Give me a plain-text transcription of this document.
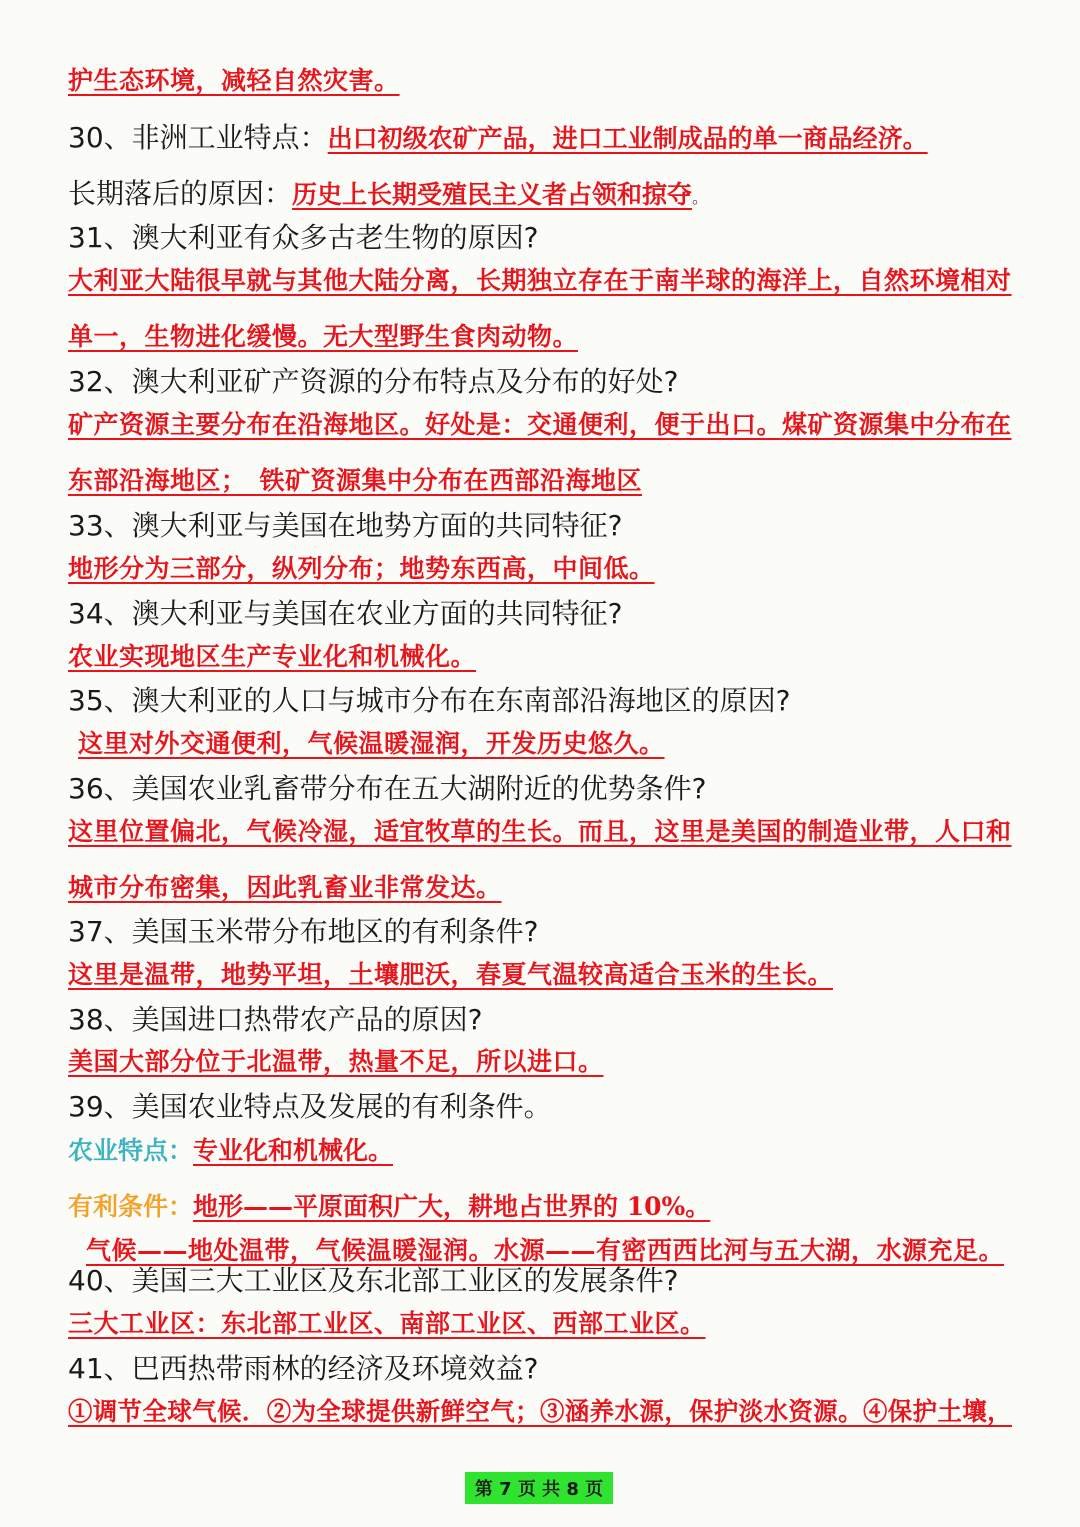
护生态环境，减轻自然灾害。
30、非洲工业特点：出口初级农矿产品，进口工业制成品的单一商品经济。
长期落后的原因：历史上长期受殖民主义者占领和掠夺。
31、澳大利亚有众多古老生物的原因?
大利亚大陆很早就与其他大陆分离，长期独立存在于南半球的海洋上，自然环境相对
单一，生物进化缓慢。无大型野生食肉动物。
32、澳大利亚矿产资源的分布特点及分布的好处?
矿产资源主要分布在沿海地区。好处是：交通便利，便于出口。煤矿资源集中分布在
东部沿海地区；　铁矿资源集中分布在西部沿海地区
33、澳大利亚与美国在地势方面的共同特征?
地形分为三部分，纵列分布；地势东西高，中间低。
34、澳大利亚与美国在农业方面的共同特征?
农业实现地区生产专业化和机械化。
35、澳大利亚的人口与城市分布在东南部沿海地区的原因?
这里对外交通便利，气候温暖湿润，开发历史悠久。
36、美国农业乳畜带分布在五大湖附近的优势条件?
这里位置偏北，气候冷湿，适宜牧草的生长。而且，这里是美国的制造业带，人口和
城市分布密集，因此乳畜业非常发达。
37、美国玉米带分布地区的有利条件?
这里是温带，地势平坦，土壤肥沃，春夏气温较高适合玉米的生长。
38、美国进口热带农产品的原因?
美国大部分位于北温带，热量不足，所以进口。
39、美国农业特点及发展的有利条件。
农业特点：专业化和机械化。
有利条件：地形——平原面积广大，耕地占世界的 10%。
气候——地处温带，气候温暖湿润。水源——有密西西比河与五大湖，水源充足。
40、美国三大工业区及东北部工业区的发展条件?
三大工业区：东北部工业区、南部工业区、西部工业区。
41、巴西热带雨林的经济及环境效益?
①调节全球气候．②为全球提供新鲜空气；③涵养水源，保护淡水资源。④保护土壤，
第 7 页 共 8 页
